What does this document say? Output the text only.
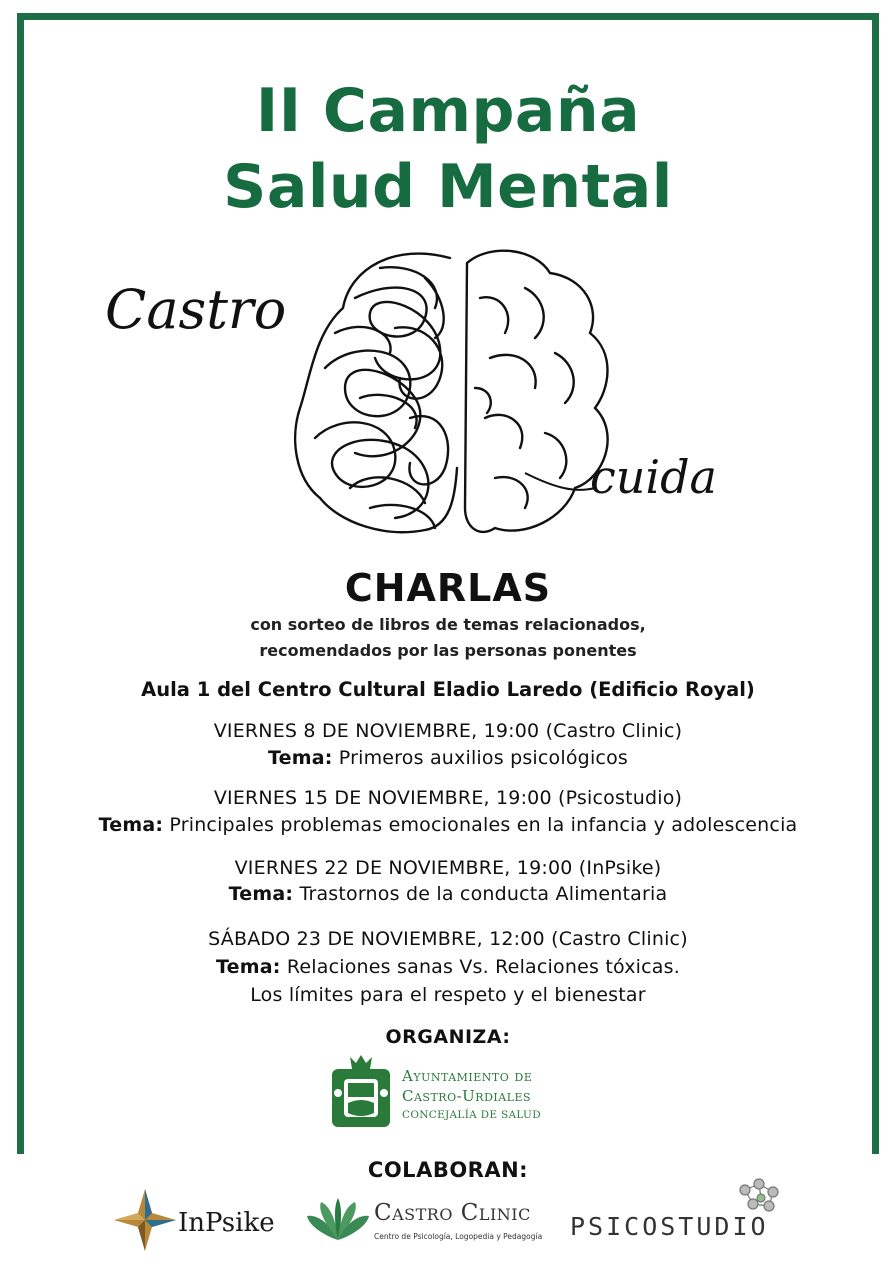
II Campaña
Salud Mental
Castro
cuida
CHARLAS
con sorteo de libros de temas relacionados,
recomendados por las personas ponentes
Aula 1 del Centro Cultural Eladio Laredo (Edificio Royal)
VIERNES 8 DE NOVIEMBRE, 19:00 (Castro Clinic)
Tema: Primeros auxilios psicológicos
VIERNES 15 DE NOVIEMBRE, 19:00 (Psicostudio)
Tema: Principales problemas emocionales en la infancia y adolescencia
VIERNES 22 DE NOVIEMBRE, 19:00 (InPsike)
Tema: Trastornos de la conducta Alimentaria
SÁBADO 23 DE NOVIEMBRE, 12:00 (Castro Clinic)
Tema: Relaciones sanas Vs. Relaciones tóxicas.
Los límites para el respeto y el bienestar
ORGANIZA:
Ayuntamiento de
Castro-Urdiales
CONCEJALÍA DE SALUD
COLABORAN:
InPsike	Castro Clinic
Centro de Psicología, Logopedia y Pedagogía PSICOSTUDIO
